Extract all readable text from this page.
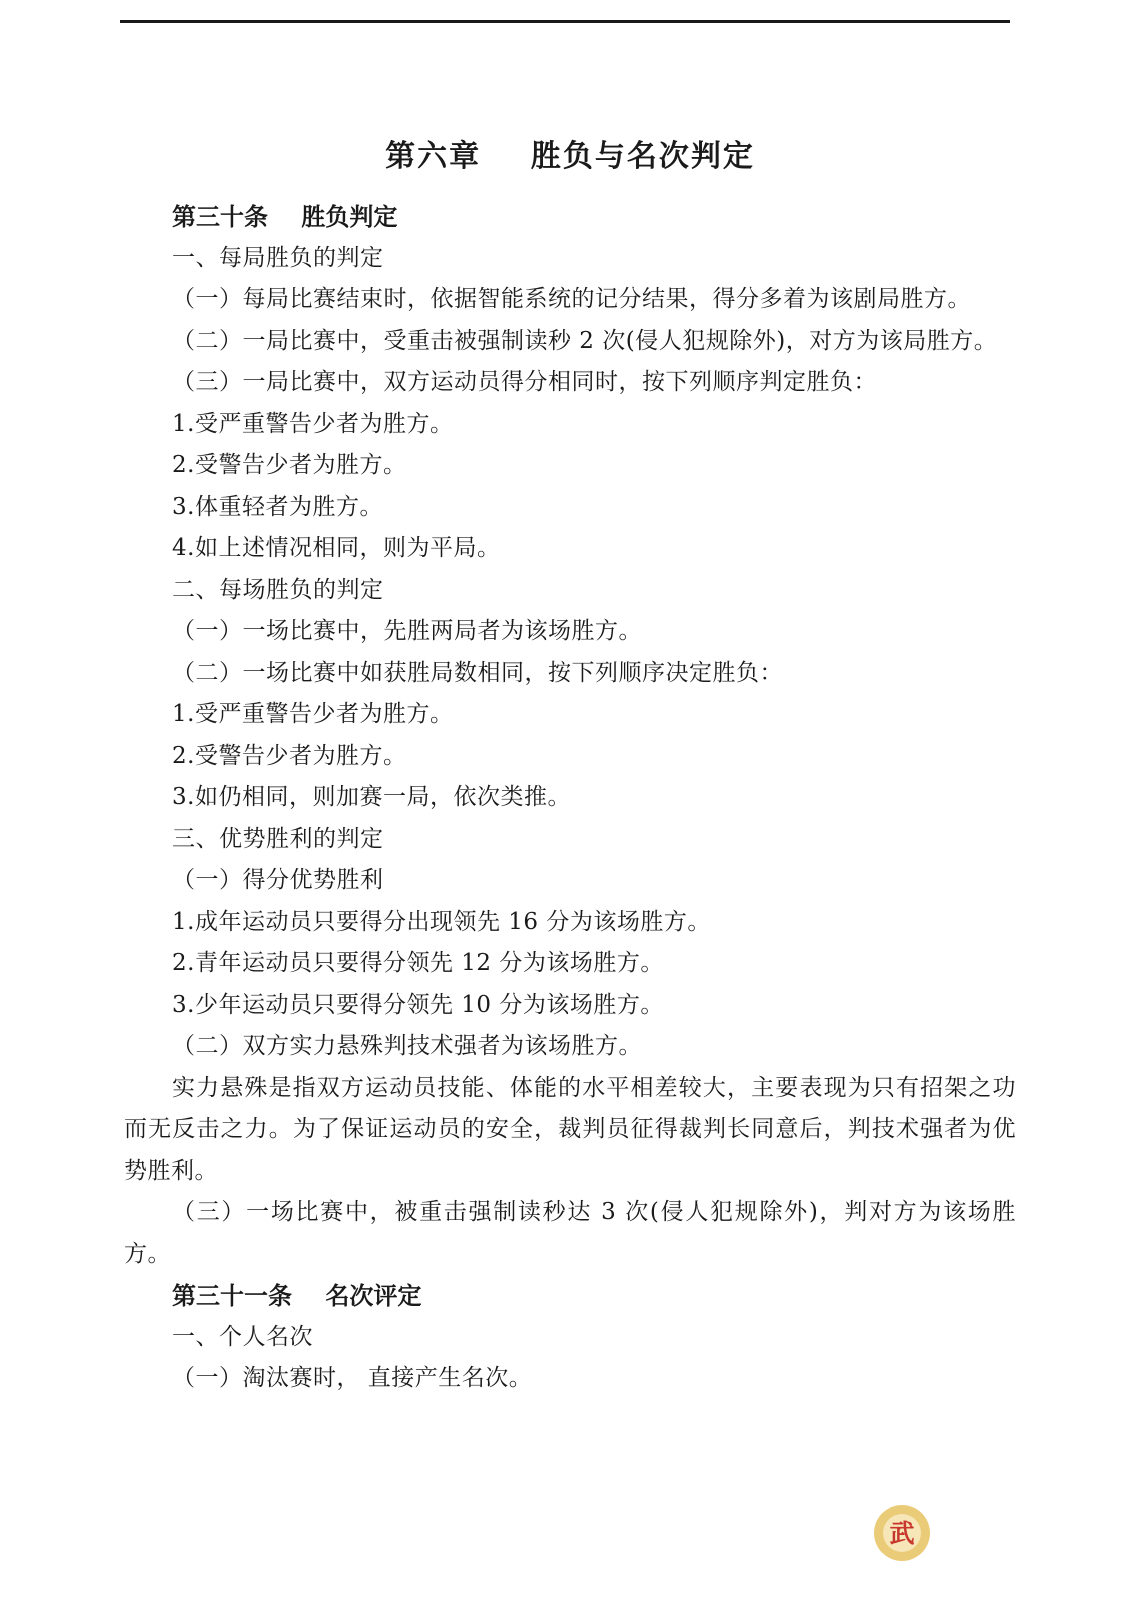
第六章    胜负与名次判定

第三十条    胜负判定

一、每局胜负的判定

（一）每局比赛结束时，依据智能系统的记分结果，得分多着为该剧局胜方。

（二）一局比赛中，受重击被强制读秒 2 次(侵人犯规除外)，对方为该局胜方。

（三）一局比赛中，双方运动员得分相同时，按下列顺序判定胜负：

1.受严重警告少者为胜方。

2.受警告少者为胜方。

3.体重轻者为胜方。

4.如上述情况相同，则为平局。

二、每场胜负的判定

（一）一场比赛中，先胜两局者为该场胜方。

（二）一场比赛中如获胜局数相同，按下列顺序决定胜负：

1.受严重警告少者为胜方。

2.受警告少者为胜方。

3.如仍相同，则加赛一局，依次类推。

三、优势胜利的判定

（一）得分优势胜利

1.成年运动员只要得分出现领先 16 分为该场胜方。

2.青年运动员只要得分领先 12 分为该场胜方。

3.少年运动员只要得分领先 10 分为该场胜方。

（二）双方实力悬殊判技术强者为该场胜方。

实力悬殊是指双方运动员技能、体能的水平相差较大，主要表现为只有招架之功而无反击之力。为了保证运动员的安全，裁判员征得裁判长同意后，判技术强者为优势胜利。

（三）一场比赛中，被重击强制读秒达 3 次(侵人犯规除外)，判对方为该场胜方。

第三十一条    名次评定

一、个人名次

（一）淘汰赛时， 直接产生名次。

武
